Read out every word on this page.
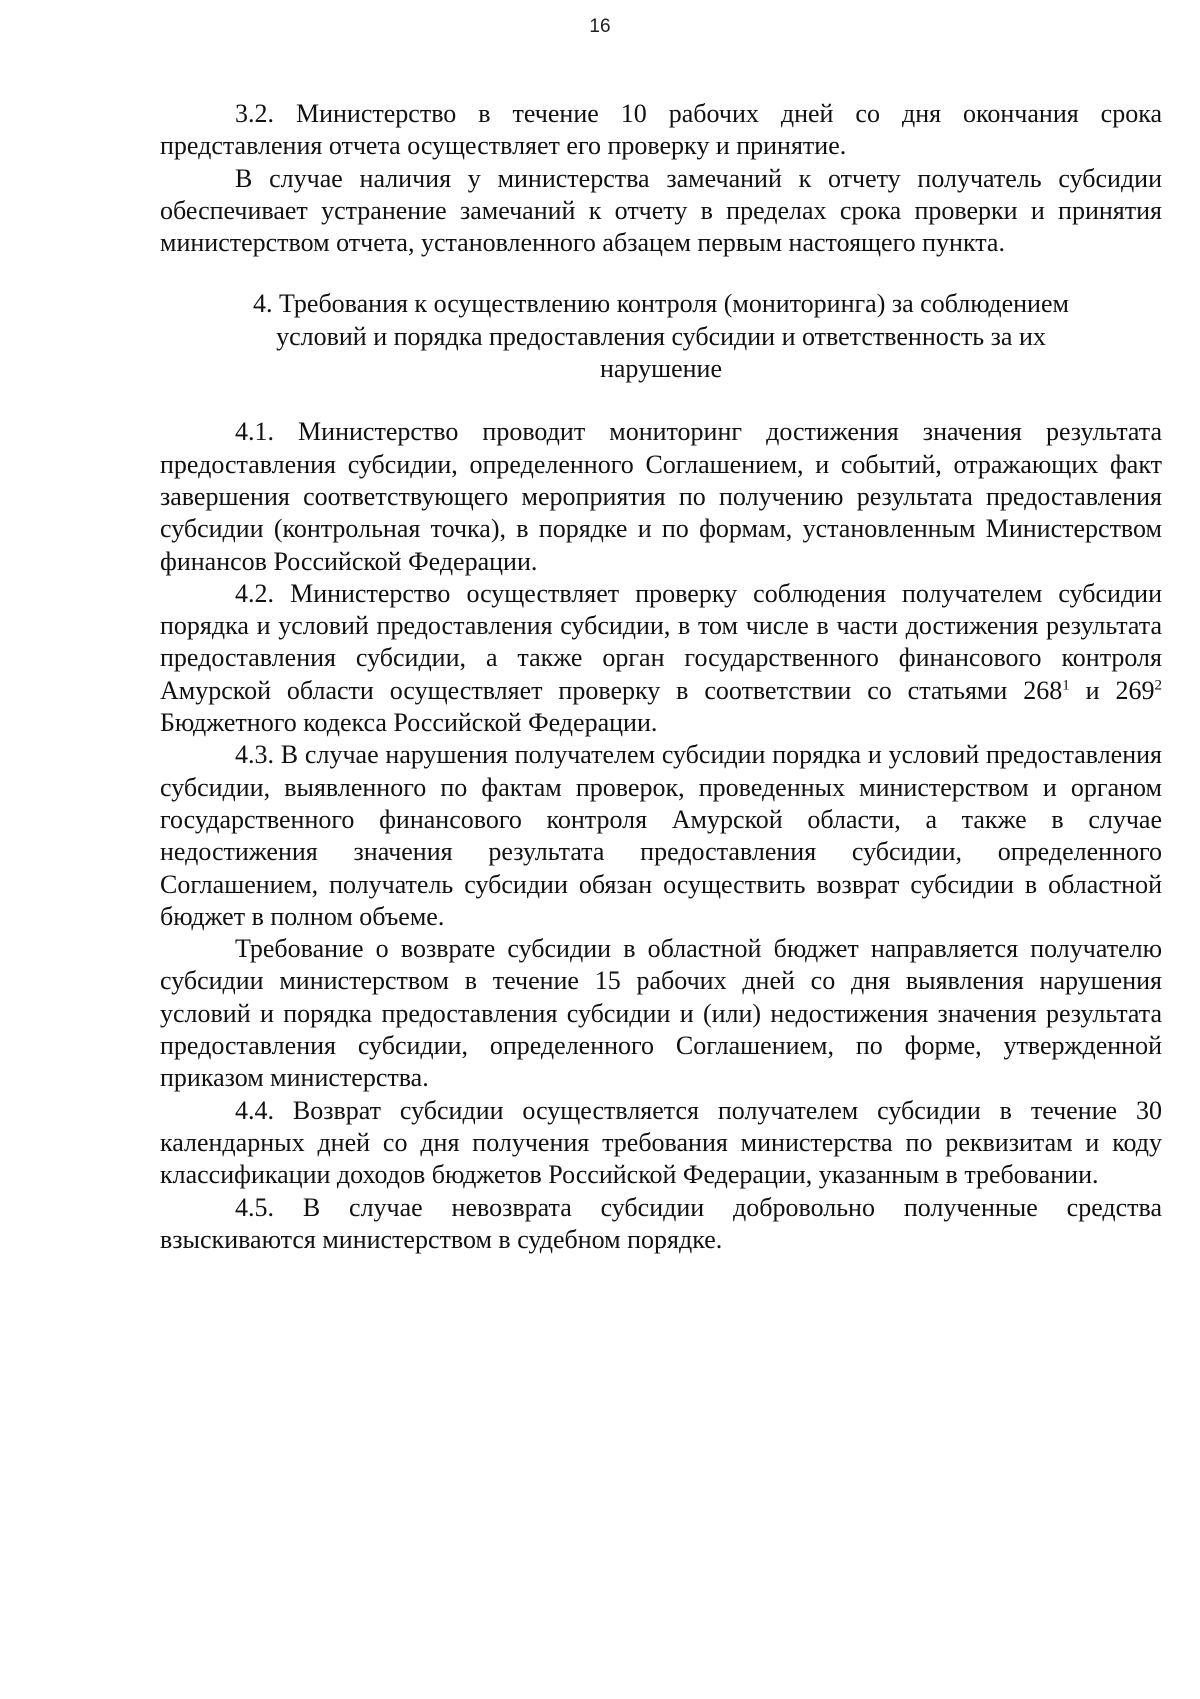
16

3.2. Министерство в течение 10 рабочих дней со дня окончания срока представления отчета осуществляет его проверку и принятие.

В случае наличия у министерства замечаний к отчету получатель субсидии обеспечивает устранение замечаний к отчету в пределах срока проверки и принятия министерством отчета, установленного абзацем первым настоящего пункта.

4. Требования к осуществлению контроля (мониторинга) за соблюдением
условий и порядка предоставления субсидии и ответственность за их
нарушение

4.1. Министерство проводит мониторинг достижения значения результата предоставления субсидии, определенного Соглашением, и событий, отражающих факт завершения соответствующего мероприятия по получению результата предоставления субсидии (контрольная точка), в порядке и по формам, установленным Министерством финансов Российской Федерации.

4.2. Министерство осуществляет проверку соблюдения получателем субсидии порядка и условий предоставления субсидии, в том числе в части достижения результата предоставления субсидии, а также орган государственного финансового контроля Амурской области осуществляет проверку в соответствии со статьями $268^1$ и $269^2$ Бюджетного кодекса Российской Федерации.

4.3. В случае нарушения получателем субсидии порядка и условий предоставления субсидии, выявленного по фактам проверок, проведенных министерством и органом государственного финансового контроля Амурской области, а также в случае недостижения значения результата предоставления субсидии, определенного Соглашением, получатель субсидии обязан осуществить возврат субсидии в областной бюджет в полном объеме.

Требование о возврате субсидии в областной бюджет направляется получателю субсидии министерством в течение 15 рабочих дней со дня выявления нарушения условий и порядка предоставления субсидии и (или) недостижения значения результата предоставления субсидии, определенного Соглашением, по форме, утвержденной приказом министерства.

4.4. Возврат субсидии осуществляется получателем субсидии в течение 30 календарных дней со дня получения требования министерства по реквизитам и коду классификации доходов бюджетов Российской Федерации, указанным в требовании.

4.5. В случае невозврата субсидии добровольно полученные средства взыскиваются министерством в судебном порядке.
